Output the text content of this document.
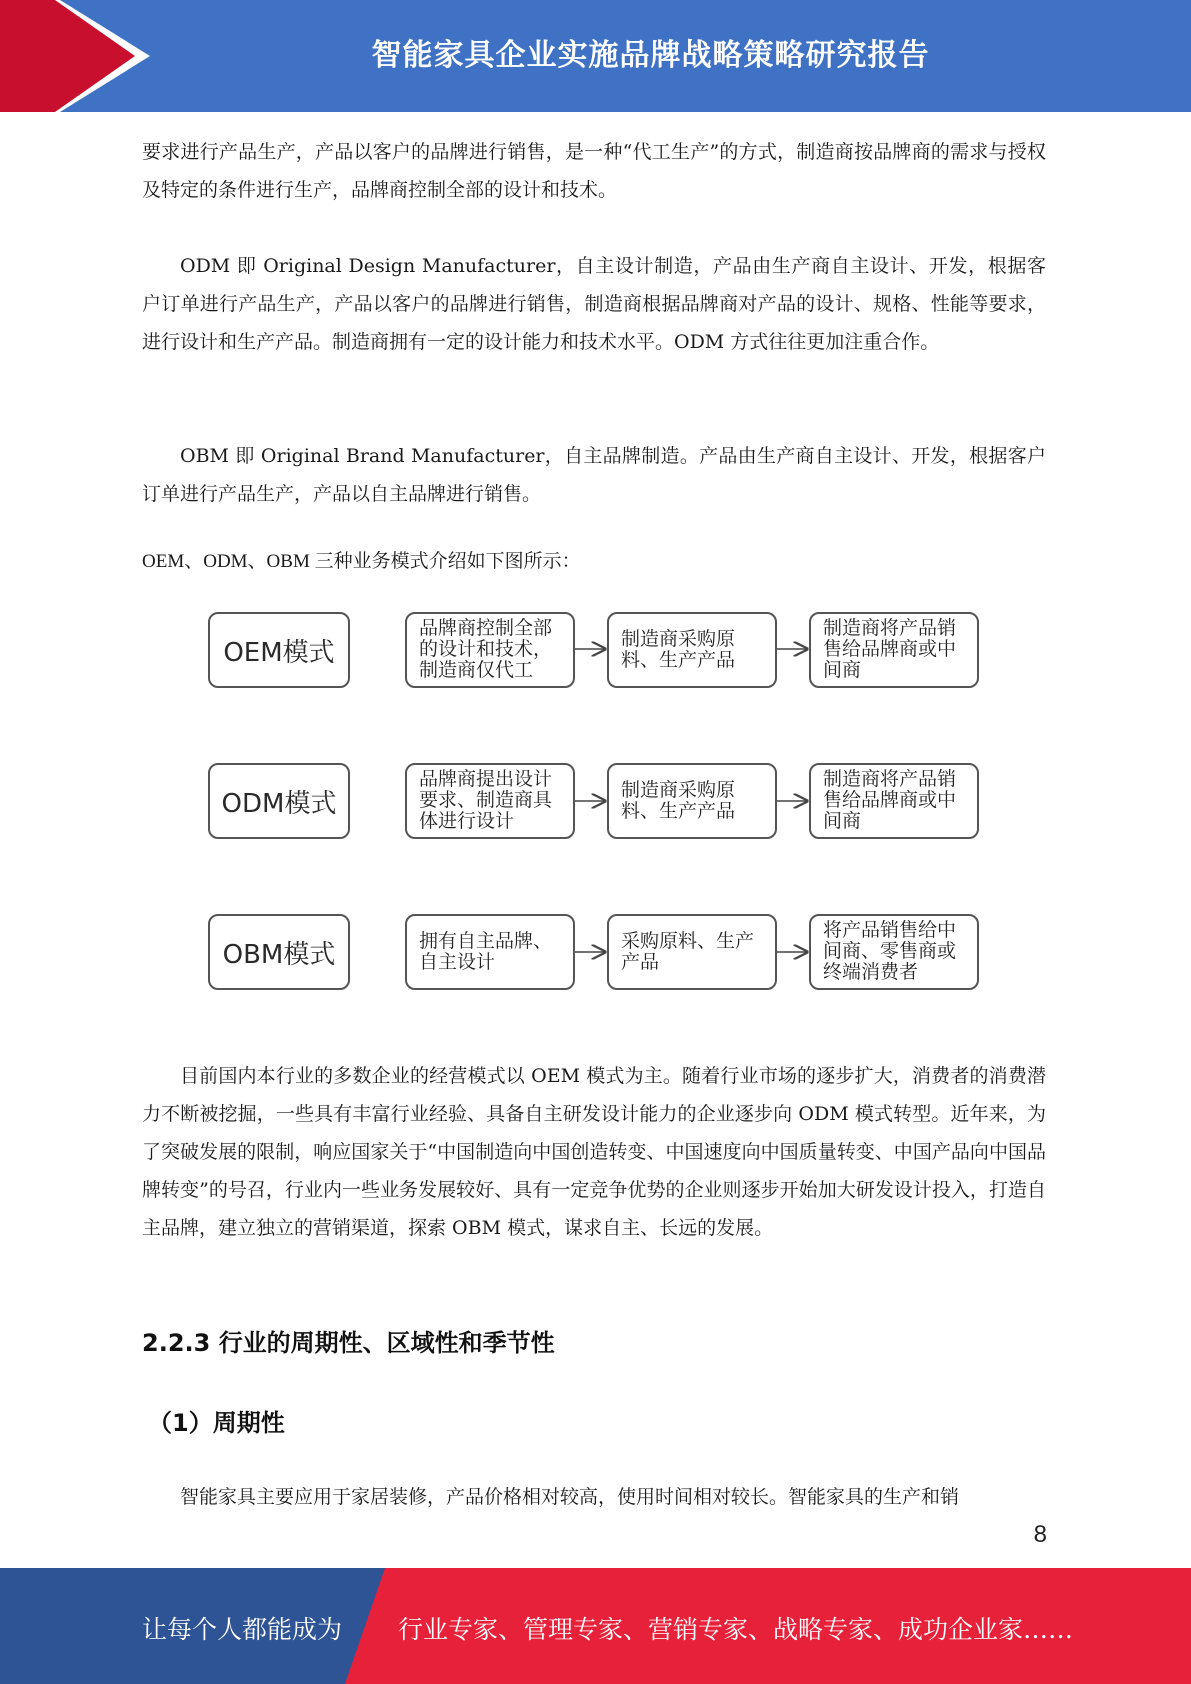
智能家具企业实施品牌战略策略研究报告

要求进行产品生产，产品以客户的品牌进行销售，是一种“代工生产”的方式，制造商按品牌商的需求与授权及特定的条件进行生产，品牌商控制全部的设计和技术。

ODM 即 Original Design Manufacturer，自主设计制造，产品由生产商自主设计、开发，根据客户订单进行产品生产，产品以客户的品牌进行销售，制造商根据品牌商对产品的设计、规格、性能等要求，进行设计和生产产品。制造商拥有一定的设计能力和技术水平。ODM 方式往往更加注重合作。

OBM 即 Original Brand Manufacturer，自主品牌制造。产品由生产商自主设计、开发，根据客户订单进行产品生产，产品以自主品牌进行销售。

OEM、ODM、OBM 三种业务模式介绍如下图所示：

OEM模式
品牌商控制全部的设计和技术，制造商仅代工
制造商采购原料、生产产品
制造商将产品销售给品牌商或中间商
ODM模式
品牌商提出设计要求、制造商具体进行设计
制造商采购原料、生产产品
制造商将产品销售给品牌商或中间商
OBM模式	拥有自主品牌、自主设计
采购原料、生产产品
将产品销售给中间商、零售商或终端消费者

目前国内本行业的多数企业的经营模式以 OEM 模式为主。随着行业市场的逐步扩大，消费者的消费潜力不断被挖掘，一些具有丰富行业经验、具备自主研发设计能力的企业逐步向 ODM 模式转型。近年来，为了突破发展的限制，响应国家关于“中国制造向中国创造转变、中国速度向中国质量转变、中国产品向中国品牌转变”的号召，行业内一些业务发展较好、具有一定竞争优势的企业则逐步开始加大研发设计投入，打造自主品牌，建立独立的营销渠道，探索 OBM 模式，谋求自主、长远的发展。

2.2.3 行业的周期性、区域性和季节性
（1）周期性

智能家具主要应用于家居装修，产品价格相对较高，使用时间相对较长。智能家具的生产和销

8
让每个人都能成为 行业专家、管理专家、营销专家、战略专家、成功企业家……
